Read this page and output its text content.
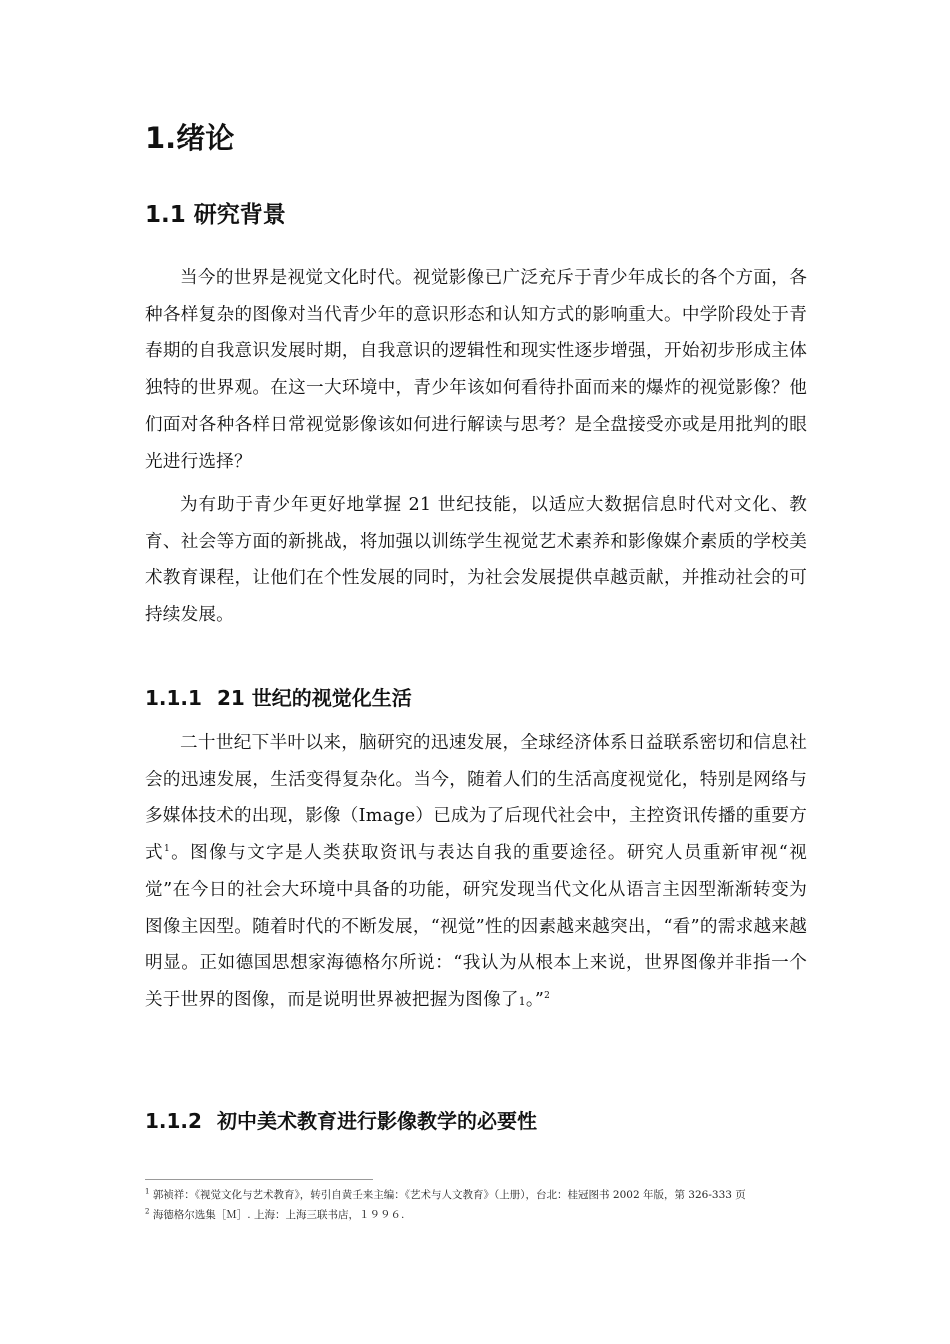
1.绪论
1.1 研究背景

当今的世界是视觉文化时代。视觉影像已广泛充斥于青少年成长的各个方面，各种各样复杂的图像对当代青少年的意识形态和认知方式的影响重大。中学阶段处于青春期的自我意识发展时期，自我意识的逻辑性和现实性逐步增强，开始初步形成主体独特的世界观。在这一大环境中，青少年该如何看待扑面而来的爆炸的视觉影像？他们面对各种各样日常视觉影像该如何进行解读与思考？是全盘接受亦或是用批判的眼光进行选择？

为有助于青少年更好地掌握 21 世纪技能，以适应大数据信息时代对文化、教育、社会等方面的新挑战，将加强以训练学生视觉艺术素养和影像媒介素质的学校美术教育课程，让他们在个性发展的同时，为社会发展提供卓越贡献，并推动社会的可持续发展。

1.1.1 21 世纪的视觉化生活

二十世纪下半叶以来，脑研究的迅速发展，全球经济体系日益联系密切和信息社会的迅速发展，生活变得复杂化。当今，随着人们的生活高度视觉化，特别是网络与多媒体技术的出现，影像（Image）已成为了后现代社会中，主控资讯传播的重要方式$^1$。图像与文字是人类获取资讯与表达自我的重要途径。研究人员重新审视“视觉”在今日的社会大环境中具备的功能，研究发现当代文化从语言主因型渐渐转变为图像主因型。随着时代的不断发展，“视觉”性的因素越来越突出，“看”的需求越来越明显。正如德国思想家海德格尔所说：“我认为从根本上来说，世界图像并非指一个关于世界的图像，而是说明世界被把握为图像了1。”$^2$

1.1.2 初中美术教育进行影像教学的必要性

$^1$ 郭祯祥：《视觉文化与艺术教育》，转引自黄壬来主编：《艺术与人文教育》（上册），台北：桂冠图书 2002 年版，第 326-333 页

$^2$ 海德格尔选集［Ｍ］. 上海：上海三联书店，１９９６.
